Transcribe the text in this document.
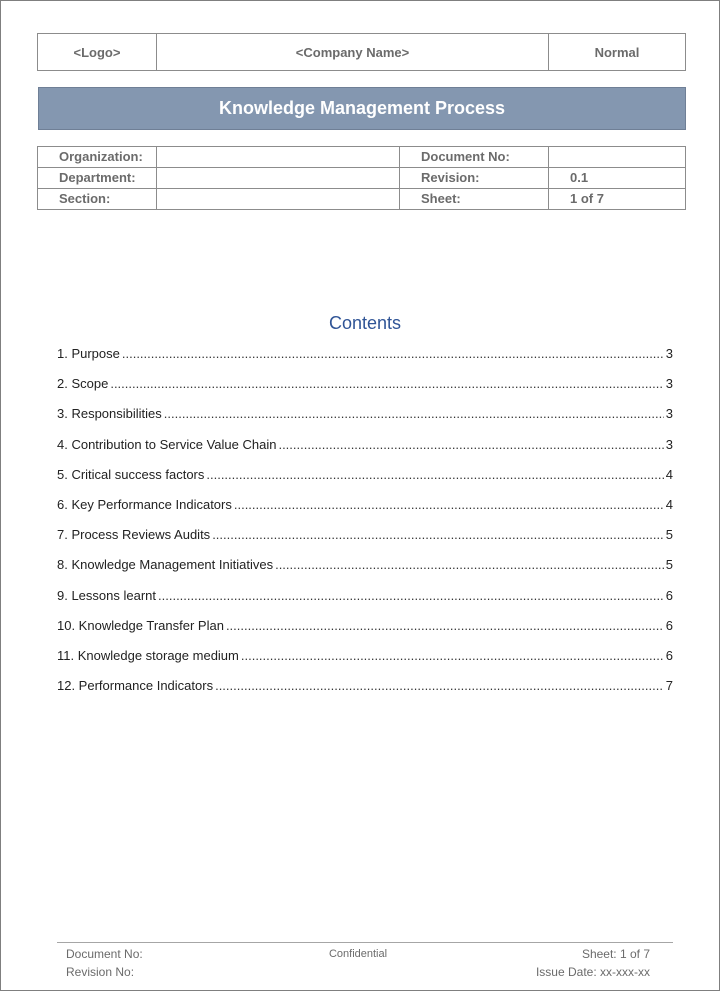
<Logo>	<Company Name>	Normal
Knowledge Management Process
Organization:		Document No:	
Department:		Revision:	0.1
Section:		Sheet:	1 of 7
Contents
1. Purpose .....	3
2. Scope .....	3
3. Responsibilities .....	3
4. Contribution to Service Value Chain .....	3
5. Critical success factors .....	4
6. Key Performance Indicators .....	4
7. Process Reviews Audits .....	5
8. Knowledge Management Initiatives .....	5
9. Lessons learnt .....	6
10. Knowledge Transfer Plan .....	6
11. Knowledge storage medium .....	6
12. Performance Indicators .....	7
Document No:	Confidential	Sheet: 1 of 7
Revision No:	Issue Date: xx-xxx-xx
